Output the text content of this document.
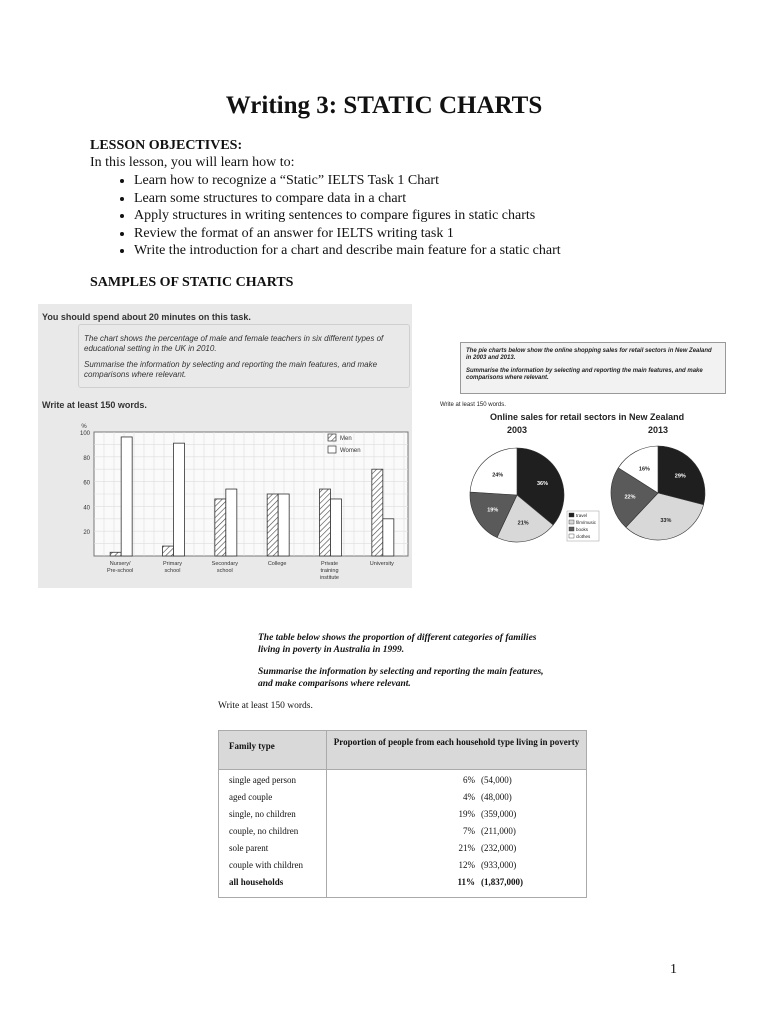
Writing 3: STATIC CHARTS
LESSON OBJECTIVES:
In this lesson, you will learn how to:
• Learn how to recognize a “Static” IELTS Task 1 Chart
• Learn some structures to compare data in a chart
• Apply structures in writing sentences to compare figures in static charts
• Review the format of an answer for IELTS writing task 1
• Write the introduction for a chart and describe main feature for a static chart
SAMPLES OF STATIC CHARTS
You should spend about 20 minutes on this task.
The chart shows the percentage of male and female teachers in six different types of educational setting in the UK in 2010.
Summarise the information by selecting and reporting the main features, and make comparisons where relevant.
Write at least 150 words.
20
40
60
80
100
%
Nursery/ Pre-school
Primary school
Secondary school
College	Private training institute
University
Men
Women
The pie charts below show the online shopping sales for retail sectors in New Zealand in 2003 and 2013.
Summarise the information by selecting and reporting the main features, and make comparisons where relevant.
Write at least 150 words.
Online sales for retail sectors in New Zealand
2003
36%
21%
19%
24%
2013
29%
33%
22%
16%
travel
film/music
books
clothes
The table below shows the proportion of different categories of families living in poverty in Australia in 1999.
Summarise the information by selecting and reporting the main features, and make comparisons where relevant.
Write at least 150 words.
Family type	Proportion of people from each household type living in poverty
single aged person	6% (54,000)
aged couple	4% (48,000)
single, no children	19% (359,000)
couple, no children	7% (211,000)
sole parent	21% (232,000)
couple with children	12% (933,000)
all households	11% (1,837,000)
1
